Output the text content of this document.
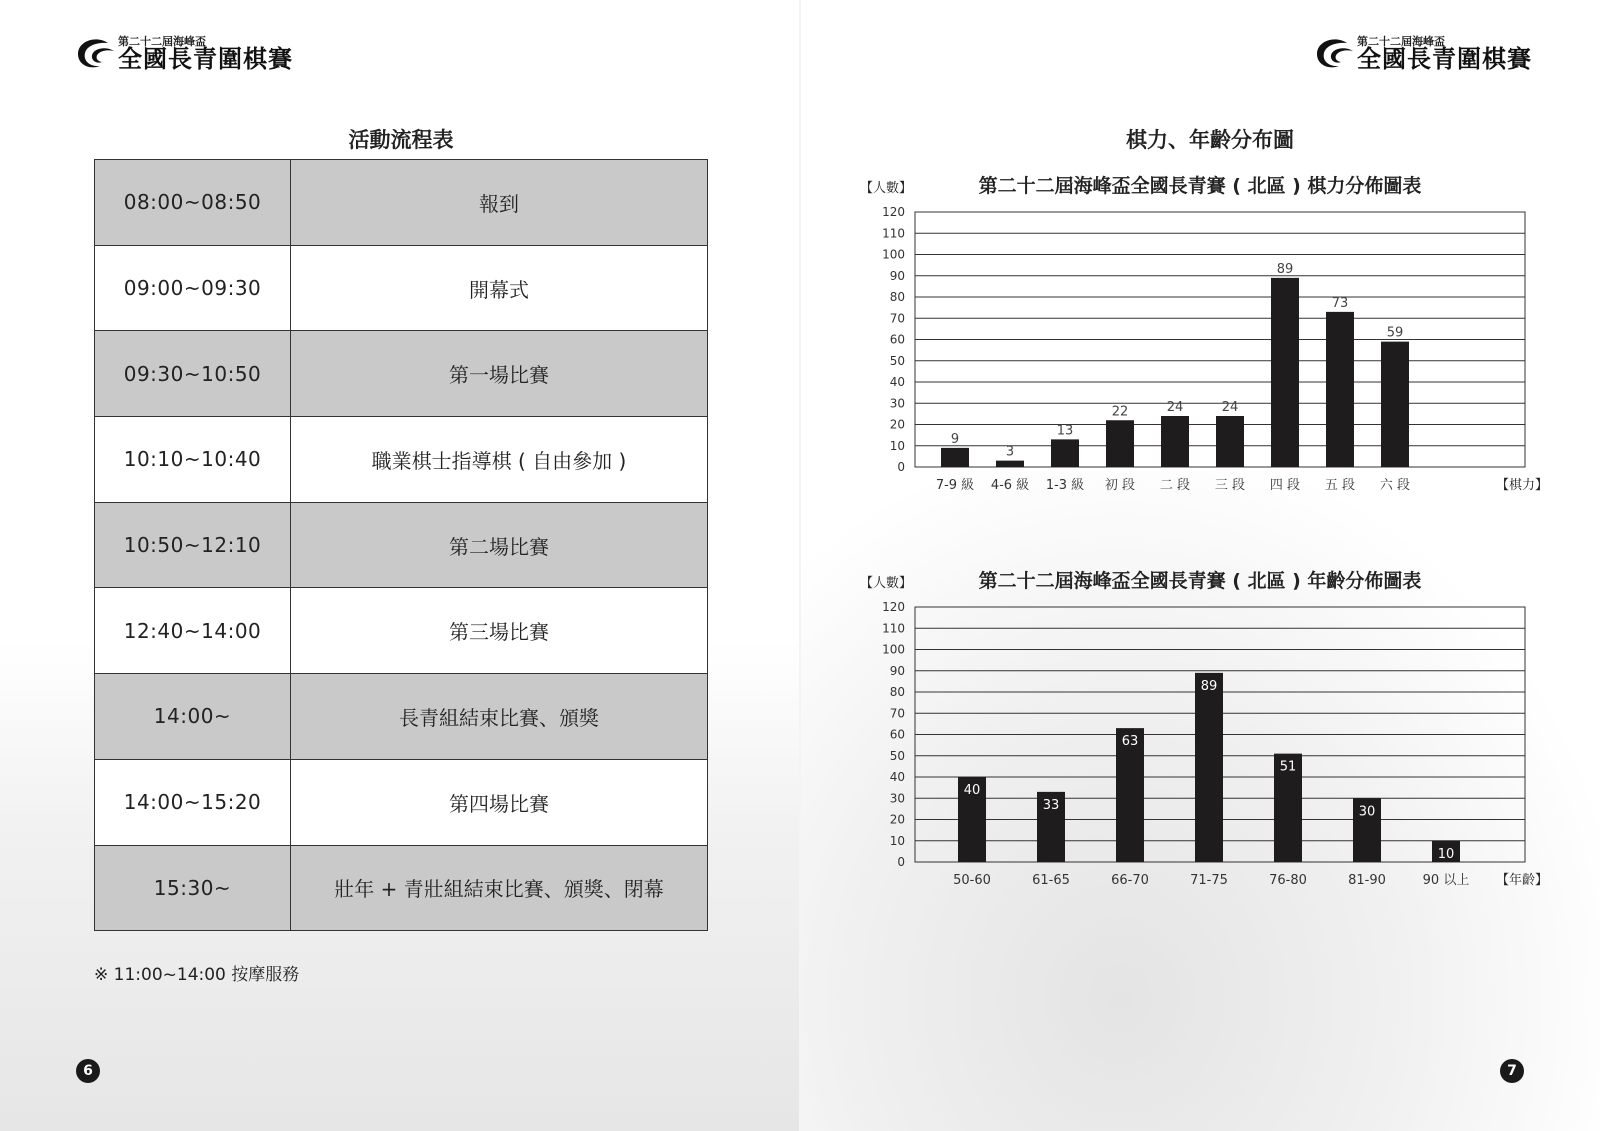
第二十二屆海峰盃
全國長青圍棋賽
第二十二屆海峰盃
全國長青圍棋賽
活動流程表
08:00~08:50	報到
09:00~09:30	開幕式
09:30~10:50	第一場比賽
10:10~10:40	職業棋士指導棋 ( 自由參加 )
10:50~12:10	第二場比賽
12:40~14:00	第三場比賽
14:00~	長青組結束比賽、頒獎
14:00~15:20	第四場比賽
15:30~	壯年 + 青壯組結束比賽、頒獎、閉幕
※ 11:00~14:00 按摩服務
6
棋力、年齡分布圖
【人數】	第二十二屆海峰盃全國長青賽 ( 北區 ) 棋力分佈圖表
0
10
20
30
40
50
60
70
80
90
100
110
120
9
7-9 級
3
4-6 級
13
1-3 級
22
初 段
24
二 段
24
三 段
89
四 段
73
五 段
59
六 段	【棋力】
【人數】	第二十二屆海峰盃全國長青賽 ( 北區 ) 年齡分佈圖表
0
10
20
30
40
50
60
70
80
90
100
110
120
40
50-60
33
61-65
63
66-70
89
71-75
51
76-80
30
81-90
10
90 以上 【年齡】
7
